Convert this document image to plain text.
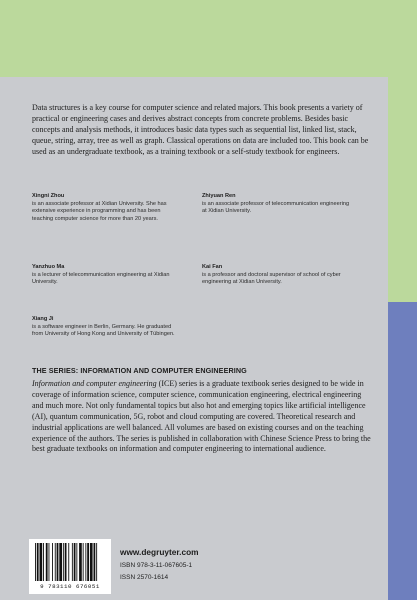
Data structures is a key course for computer science and related majors. This book presents a variety of practical or engineering cases and derives abstract concepts from concrete problems. Besides basic concepts and analysis methods, it introduces basic data types such as sequential list, linked list, stack, queue, string, array, tree as well as graph. Classical operations on data are included too. This book can be used as an undergraduate textbook, as a training textbook or a self-study textbook for engineers.

Xingni Zhou
is an associate professor at Xidian University. She has extensive experience in programming and has been teaching computer science for more than 20 years.
Zhiyuan Ren
is an associate professor of telecommunication engineering at Xidian University.
Yanzhuo Ma
is a lecturer of telecommunication engineering at Xidian University.
Kai Fan
is a professor and doctoral supervisor of school of cyber engineering at Xidian University.
Xiang Ji
is a software engineer in Berlin, Germany. He graduated from University of Hong Kong and University of Tübingen.
THE SERIES: INFORMATION AND COMPUTER ENGINEERING

Information and computer engineering (ICE) series is a graduate textbook series designed to be wide in coverage of information science, computer science, communication engineering, electrical engineering and much more. Not only fundamental topics but also hot and emerging topics like artificial intelligence (AI), quantum communication, 5G, robot and cloud computing are covered. Theoretical research and industrial applications are well balanced. All volumes are based on existing courses and on the teaching experience of the authors. The series is published in collaboration with Chinese Science Press to bring the best graduate textbooks on information and computer engineering to international audience.

9 783110 676051
www.degruyter.com
ISBN 978-3-11-067605-1
ISSN 2570-1614
